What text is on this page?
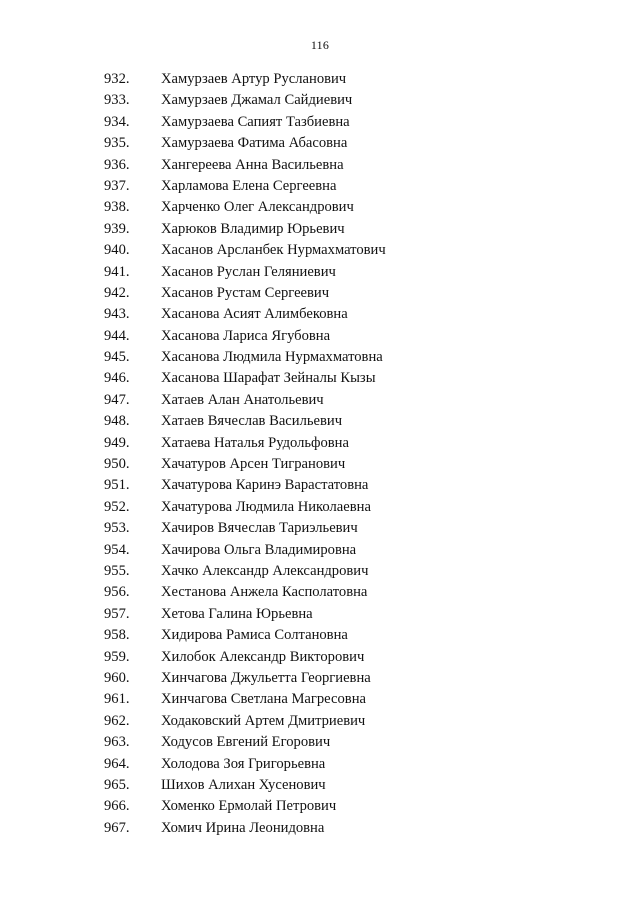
116
932. Хамурзаев Артур Русланович
933. Хамурзаев Джамал Сайдиевич
934. Хамурзаева Сапият Тазбиевна
935. Хамурзаева Фатима Абасовна
936. Хангереева Анна Васильевна
937. Харламова Елена Сергеевна
938. Харченко Олег Александрович
939. Харюков Владимир Юрьевич
940. Хасанов Арсланбек Нурмахматович
941. Хасанов Руслан Геляниевич
942. Хасанов Рустам Сергеевич
943. Хасанова Асият Алимбековна
944. Хасанова Лариса Ягубовна
945. Хасанова Людмила Нурмахматовна
946. Хасанова Шарафат Зейналы Кызы
947. Хатаев Алан Анатольевич
948. Хатаев Вячеслав Васильевич
949. Хатаева Наталья Рудольфовна
950. Хачатуров Арсен Тигранович
951. Хачатурова Каринэ Варастатовна
952. Хачатурова Людмила Николаевна
953. Хачиров Вячеслав Тариэльевич
954. Хачирова Ольга Владимировна
955. Хачко Александр Александрович
956. Хестанова Анжела Касполатовна
957. Хетова Галина Юрьевна
958. Хидирова Рамиса Солтановна
959. Хилобок Александр Викторович
960. Хинчагова Джульетта Георгиевна
961. Хинчагова Светлана Магресовна
962. Ходаковский Артем Дмитриевич
963. Ходусов Евгений Егорович
964. Холодова Зоя Григорьевна
965. Шихов Алихан Хусенович
966. Хоменко Ермолай Петрович
967. Хомич Ирина Леонидовна
